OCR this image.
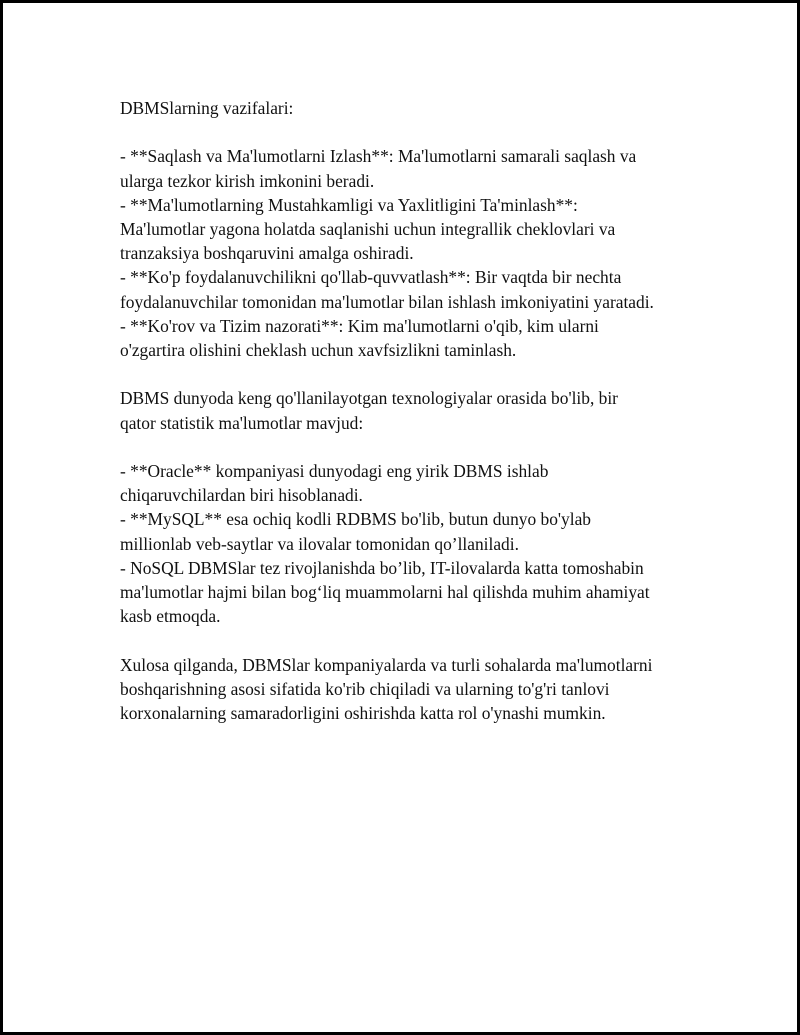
DBMSlarning vazifalari:

- **Saqlash va Ma'lumotlarni Izlash**: Ma'lumotlarni samarali saqlash va
ularga tezkor kirish imkonini beradi.

- **Ma'lumotlarning Mustahkamligi va Yaxlitligini Ta'minlash**:
Ma'lumotlar yagona holatda saqlanishi uchun integrallik cheklovlari va
tranzaksiya boshqaruvini amalga oshiradi.

- **Ko'p foydalanuvchilikni qo'llab-quvvatlash**: Bir vaqtda bir nechta
foydalanuvchilar tomonidan ma'lumotlar bilan ishlash imkoniyatini yaratadi.

- **Ko'rov va Tizim nazorati**: Kim ma'lumotlarni o'qib, kim ularni
o'zgartira olishini cheklash uchun xavfsizlikni taminlash.

DBMS dunyoda keng qo'llanilayotgan texnologiyalar orasida bo'lib, bir
qator statistik ma'lumotlar mavjud:

- **Oracle** kompaniyasi dunyodagi eng yirik DBMS ishlab
chiqaruvchilardan biri hisoblanadi.

- **MySQL** esa ochiq kodli RDBMS bo'lib, butun dunyo bo'ylab
millionlab veb-saytlar va ilovalar tomonidan qo’llaniladi.

- NoSQL DBMSlar tez rivojlanishda bo’lib, IT-ilovalarda katta tomoshabin
ma'lumotlar hajmi bilan bog‘liq muammolarni hal qilishda muhim ahamiyat
kasb etmoqda.

Xulosa qilganda, DBMSlar kompaniyalarda va turli sohalarda ma'lumotlarni
boshqarishning asosi sifatida ko'rib chiqiladi va ularning to'g'ri tanlovi
korxonalarning samaradorligini oshirishda katta rol o'ynashi mumkin.
